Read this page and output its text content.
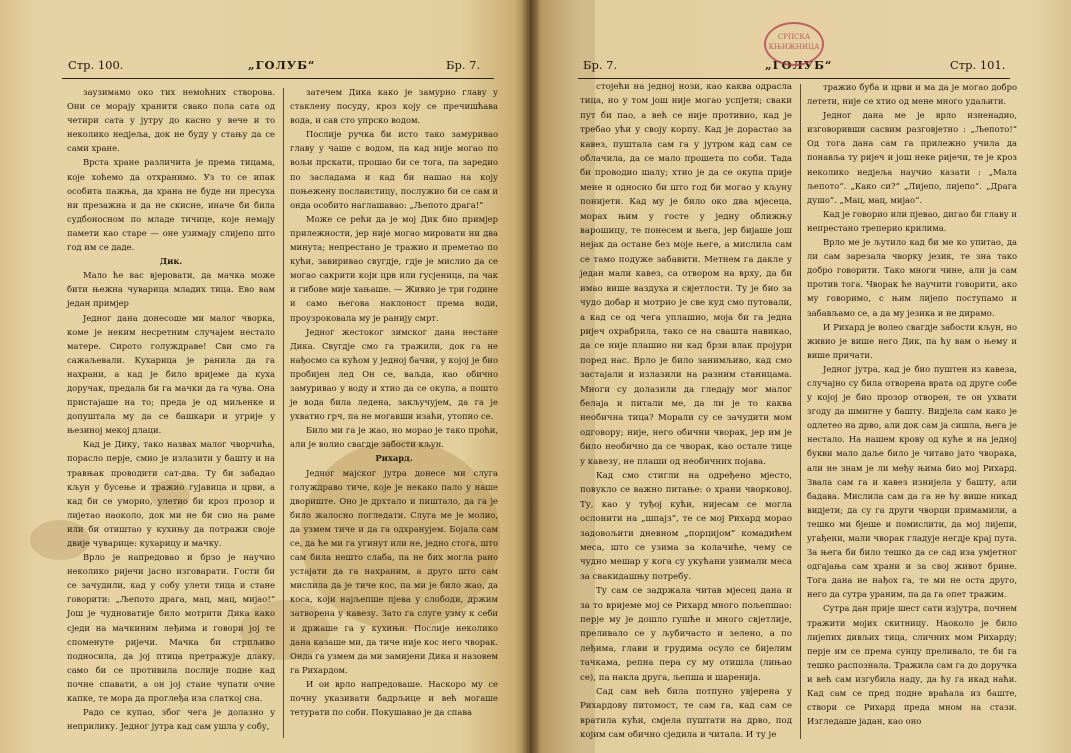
Стр. 100.	„ГОЛУБ“	Бр. 7.

заузимамо око тих немоћних створова. Они се морају хранити свако пола сата од четири сата у јутру до касно у вече и то неколико недјеља, док не буду у стању да се сами хране.

Врста хране различита је према тицама, које хоћемо да отхранимо. Уз то се ипак особита пажња, да храна не буде ни пресуха ни презажна и да не скисне, иначе би била судбоносном по младе тичице, које немају памети као старе — оне узимају слијепо што год им се даде.

Дик.

Мало ће вас вјеровати, да мачка може бити њежна чуварица младих тица. Ево вам један примјер

Једног дана донесоше ми малог чворка, коме је неким несретним случајем нестало матере. Сирото голуждраве! Сви смо га сажаљевали. Кухарица је ранила да га нахрани, а кад је било вријеме да куха доручак, предала би га мачки да га чува. Она пристајаше на то; преда је од миљенке и допуштала му да се башкари и угрије у њезиној мекој длаци.

Кад је Дику, тако назвах малог чворчића, порасло перје, смио је излазити у башту и на травњак проводити сат-два. Ту би забадао кљун у бусење и тражио гујавица и црви, а кад би се уморио, улетио би кроз прозор и лијетао наоколо, док ми не би сио на раме или би отиштао у кухињу да потражи своје двије чуварице: кухарицу и мачку.

Врло је напредовао и брзо је научио неколико ријечи јасно изговарати. Гости би се зачудили, кад у собу улети тица и стане говорити: „Љепото драга, мац, мац, мијао!“ Још је чудноватије било мотрити Дика како сједи на мачкиним леђима и говори јој те споменуте ријечи. Мачка би стрпљиво подносила, да јој птица претражује длаку, само би се противила послије подне кад почне спавати, а он јој стане чупати очне капке, те мора да проглеђа иза слаткој сна.

Радо се купао, због чега је долазно у неприлику. Једног јутра кад сам ушла у собу,

затечем Дика како је замурно главу у стаклену посуду, кроз коју се пречишћава вода, и сав сто упрско водом.

Послије ручка би исто тако замуривао главу у чаше с водом, па кад није могао по вољи прскати, прошао би се тога, па заредио по засладама и кад би нашао на коју поњежену послаистицу, послужио би се сам и онда особито наглашаваo: „Љепото драга!“

Може се рећи да је мој Дик био примјер прилежности, јер није могао мировати ни два минута; непрестано је тражио и преметао по кући, завиривао свугдје, гдје је мислио да се могао сакрити који црв или гусјеница, па чак и гибове мије хањаше. — Живио је три године и само његова наклоност према води, проузроковала му је ранију смрт.

Једног жестоког зимског дана нестане Дика. Свугдје смо га тражили, док га не нађосмо са кућом у једној бачви, у којој је био пробијен лед Он се, ваљда, као обично замуривао у воду и хтио да се окупа, а пошто је вода била ледена, закључујем, да га је ухватио грч, па не могавши изаћи, утопио се.

Било ми га је жао, но морао је тако проћи, али је волио свагдје забости кљун.

Рихард.

Једног мајског јутра донесе ми слуга голуждраво тиче, које је некако пало у наше двориште. Оно је дрхтало и пиштало, да га је било жалосно погледати. Слуга ме је молио, да узмем тиче и да га одхранујем. Бојала сам се, да ће ми га угинут или не, једно стога, што сам била нешто слаба, па не бих могла рано устајати да га нахраним, а друго што сам мислила да је тиче кос, па ми је било жао, да коса, који најљепше пјева у слободи, држим затворена у кавезу. Зато га слуге узму к себи и држаше га у кухињи. Послије неколико дана казаше ми, да тиче није кос него чворак. Онда га узмем да ми замијени Дика и назовем га Рихардом.

И он врло напредоваше. Наскоро му се почну указивати бадрљице и већ могаше тетурати по соби. Покушавао је да спава

Бр. 7.	„ГОЛУБ“	Стр. 101.

стојећи на једној нози, као каква одрасла тица, но у том још није могао успјети; сваки пут би пао, а већ се није противио, кад је требао ући у своју корпу. Кад је дорастао за кавез, пуштала сам га у јутром кад сам се облачила, да се мало прошета по соби. Тада би проводио шалу; хтио је да се окупа прије мене и односио би што год би могао у кљуну понијети. Кад му је било око два мјесеца, морах њим у госте у једну оближњу варошицу, те понесем и њега, јер бијаше још нејак да остане без моје његе, а мислила сам се тамо подуже забавити. Метнем га дакле у један мали кавез, са отвором на врху, да би имао више ваздуха и свјетлости. Ту је био за чудо добар и мотрио је све куд смо путовали, а кад се од чега уплашио, моја би га једна ријеч охрабрила, тако се на свашта навикао, да се није плашио ни кад брзи влак пројури поред нас. Врло је било занимљиво, кад смо застајали и излазили на разним станицама. Многи су долазили да гледају мог малог белаја и питали ме, да ли је то каква необична тица? Морали су се зачудити мом одговору; није, него обични чворак, јер им је било необично да се чворак, као остале тице у кавезу, не плаши од необичних појава.

Кад смо стигли на одређено мјесто, повукло се важно питање: о храни чворковој. Ту, као у туђој кући, нијесам се могла ослонити на „шпајз“, те се мој Рихард морао задовољити дневном „порцијом“ комадићем меса, што се узима за колачиће, чему се чудно мешар у кога су укућани узимали меса за свакидашњу потребу.

Ту сам се задржала читав мјесец дана и за то вријеме мој се Рихард много пољепшао: перје му је дошло гушће и много свјетлије, преливало се у љубичасто и зелено, а по леђима, глави и грудима осуло се бијелим тачкама, репна пера су му отишла (лињао се), па накла друга, љепша и шаренија.

Сад сам већ била потпуно увјерена у Рихардову питомост, те сам га, кад сам се вратила кући, смјела пуштати на дрво, под којим сам обично сједила и читала. И ту је

тражио буба и црви и ма да је могао добро летети, није се хтио од мене много удаљити.

Једног дана ме је врло изненадио, изговоривши сасвим разговјетно : „Љепото!“ Од тога дана сам га прилежно учила да понавља ту ријеч и још неке ријечи, те је кроз неколико недјеља научио казати : „Мала љепото“. „Како си?“ „Лијепо, лијепо“. „Драга душо“. „Мац, мац, мијао“.

Кад је говорио или пјевао, дигао би главу и непрестано треперио крилима.

Врло ме је љутило кад би ме ко упитао, да ли сам зарезала чворку језик, те зна тако добро говорити. Тако многи чине, али ја сам против тога. Чворак ће научити говорити, ако му говоримо, с њим лијепо поступамо и забављамо се, а да му језика и не дирамо.

И Рихард је волео свагдје забости кљун, но живио је више него Дик, па ћу вам о њему и више причати.

Једног јутра, кад је био пуштен из кавеза, случајно су била отворена врата од друге собе у којој је био прозор отворен, те он ухвати згоду да шмигне у башту. Видјела сам како је одлетео на дрво, али док сам ја сишла, њега је нестало. На нашем крову од куће и на једној букви мало даље било је читаво јато чворака, али не знам је ли међу њима био мој Рихард. Звала сам га и кавез изнијела у башту, али бадава. Мислила сам да га не ћу више никад видјети; да су га други чворци примамили, а тешко ми бјеше и помислити, да мој лијепи, угађени, мали чворак гладује негдје крај пута. За њега би било тешко да се сад иза умјетног одгајања сам храни и за свој живот брине. Тога дана не нађох га, те ми не оста друго, него да сутра ураним, па да га опет тражим.

Сутра дан прије шест сати изјутра, почнем тражити мојих скитницу. Наоколо је било лијепих дивљих тица, сличних мом Рихарду; перје им се према сунцу преливало, те би га тешко распознала. Тражила сам га до доручка и већ сам изгубила наду, да ћу га икад наћи. Кад сам се пред подне враћала из баште, створи се Рихард преда мном на стази. Изгледаше јадан, као оно

СРПСКА КЊИЖНИЦА
